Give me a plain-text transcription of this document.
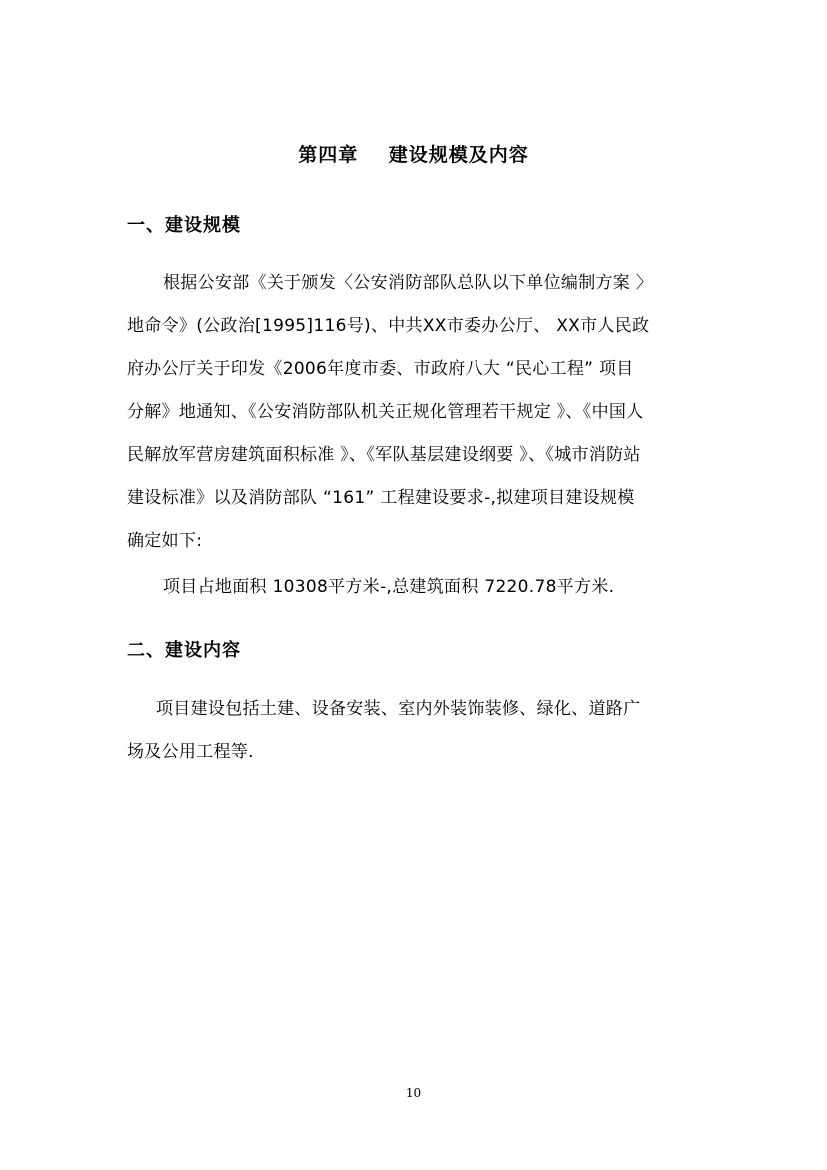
第四章    建设规模及内容
一、建设规模
根据公安部《关于颁发〈公安消防部队总队以下单位编制方案 〉
地命令》(公政治[1995]116号)、中共XX市委办公厅、 XX市人民政
府办公厅关于印发《2006年度市委、市政府八大 “民心工程” 项目
分解》地通知、《公安消防部队机关正规化管理若干规定 》、《中国人
民解放军营房建筑面积标准 》、《军队基层建设纲要 》、《城市消防站
建设标准》以及消防部队 “161” 工程建设要求-,拟建项目建设规模
确定如下:
项目占地面积 10308平方米-,总建筑面积 7220.78平方米.
二、建设内容
项目建设包括土建、设备安装、室内外装饰装修、绿化、道路广
场及公用工程等.
10
